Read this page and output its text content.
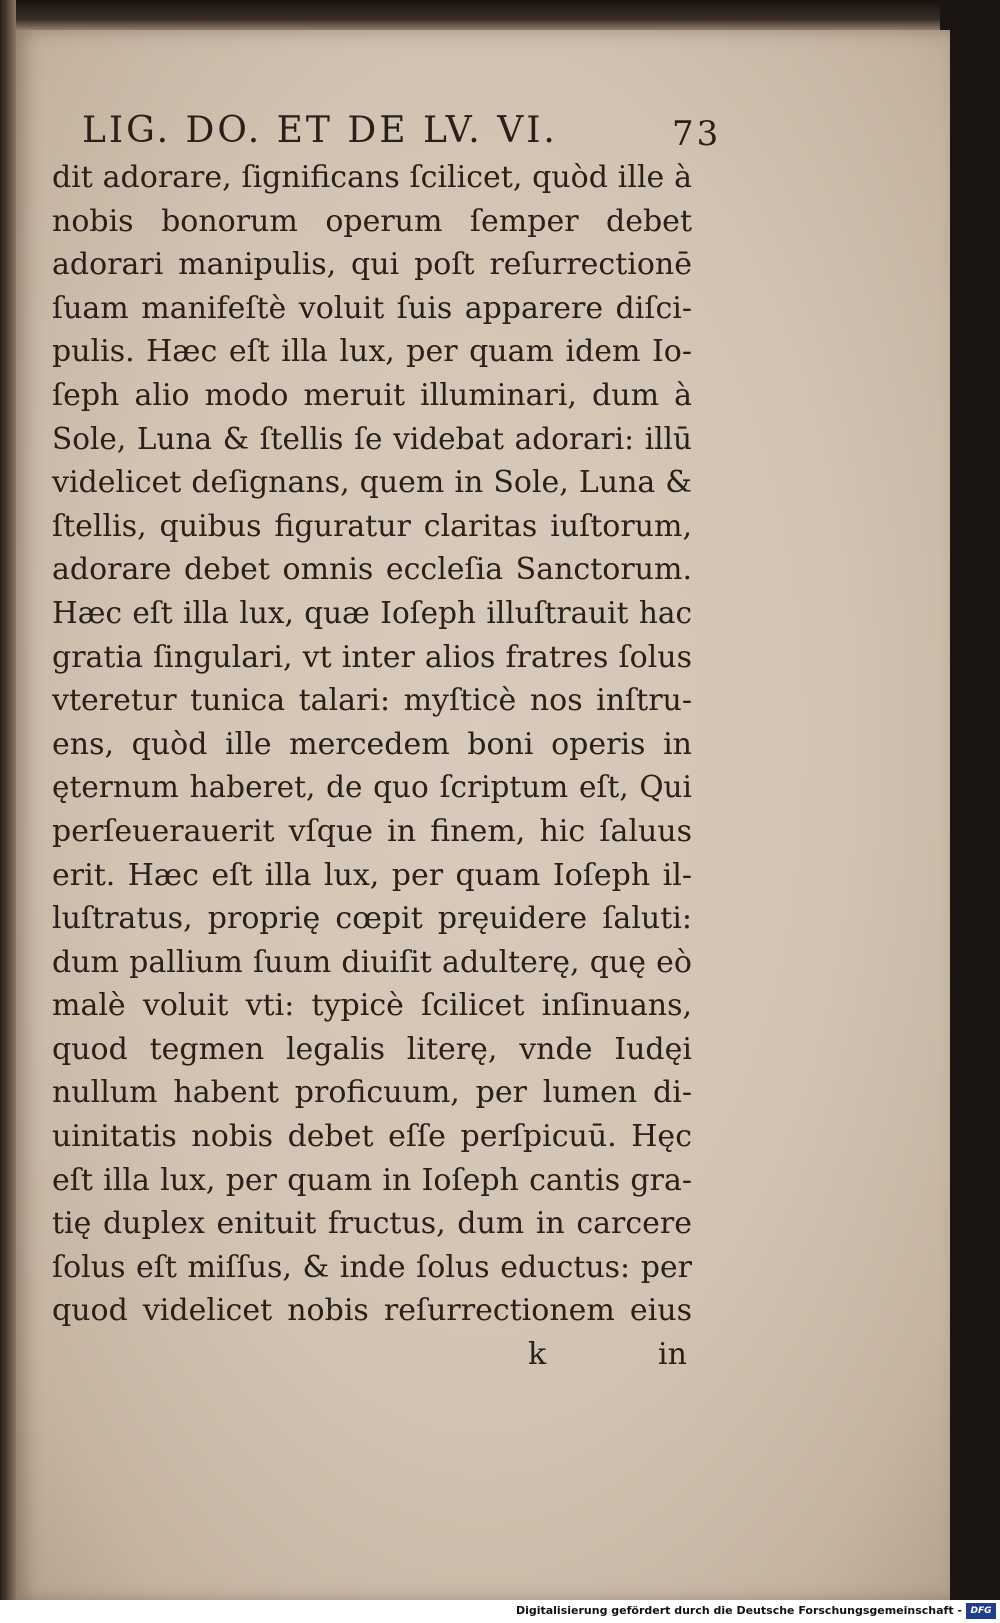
LIG. DO. ET DE LV. VI.	73
dit adorare, ſignificans ſcilicet, quòd ille à
nobis bonorum operum ſemper debet
adorari manipulis, qui poſt reſurrectionē
ſuam manifeſtè voluit ſuis apparere diſci-
pulis. Hæc eſt illa lux, per quam idem Io-
ſeph alio modo meruit illuminari, dum à
Sole, Luna & ſtellis ſe videbat adorari: illū
videlicet deſignans, quem in Sole, Luna &
ſtellis, quibus figuratur claritas iuſtorum,
adorare debet omnis eccleſia Sanctorum.
Hæc eſt illa lux, quæ Ioſeph illuſtrauit hac
gratia ſingulari, vt inter alios fratres ſolus
vteretur tunica talari: myſticè nos inſtru-
ens, quòd ille mercedem boni operis in
ęternum haberet, de quo ſcriptum eſt, Qui
perſeuerauerit vſque in finem, hic ſaluus
erit. Hæc eſt illa lux, per quam Ioſeph il-
luſtratus, proprię cœpit pręuidere ſaluti:
dum pallium ſuum diuiſit adulterę, quę eò
malè voluit vti: typicè ſcilicet inſinuans,
quod tegmen legalis literę, vnde Iudęi
nullum habent proficuum, per lumen di-
uinitatis nobis debet eſſe perſpicuū. Hęc
eſt illa lux, per quam in Ioſeph cantis gra-
tię duplex enituit fructus, dum in carcere
ſolus eſt miſſus, & inde ſolus eductus: per
quod videlicet nobis reſurrectionem eius
k	in
Digitalisierung gefördert durch die Deutsche Forschungsgemeinschaft - DFG
